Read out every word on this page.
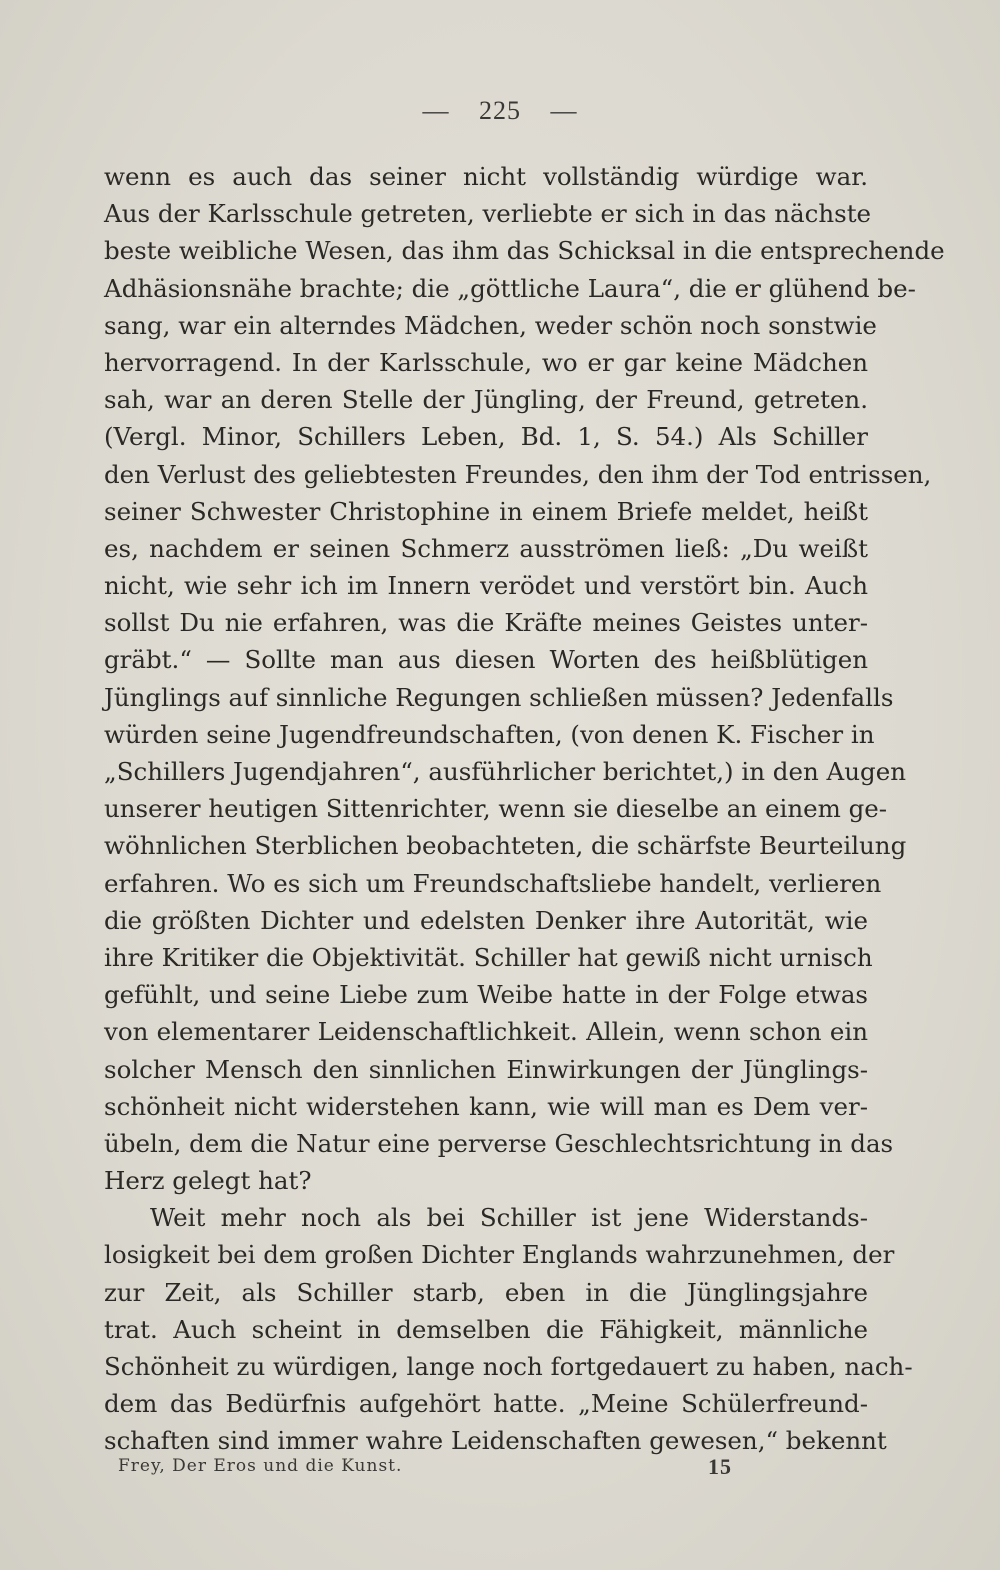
— 225 —
wenn es auch das seiner nicht vollständig würdige war.
Aus der Karlsschule getreten, verliebte er sich in das nächste
beste weibliche Wesen, das ihm das Schicksal in die entsprechende
Adhäsionsnähe brachte; die „göttliche Laura“, die er glühend be-
sang, war ein alterndes Mädchen, weder schön noch sonstwie
hervorragend. In der Karlsschule, wo er gar keine Mädchen
sah, war an deren Stelle der Jüngling, der Freund, getreten.
(Vergl. Minor, Schillers Leben, Bd. 1, S. 54.) Als Schiller
den Verlust des geliebtesten Freundes, den ihm der Tod entrissen,
seiner Schwester Christophine in einem Briefe meldet, heißt
es, nachdem er seinen Schmerz ausströmen ließ: „Du weißt
nicht, wie sehr ich im Innern verödet und verstört bin. Auch
sollst Du nie erfahren, was die Kräfte meines Geistes unter-
gräbt.“ — Sollte man aus diesen Worten des heißblütigen
Jünglings auf sinnliche Regungen schließen müssen? Jedenfalls
würden seine Jugendfreundschaften, (von denen K. Fischer in
„Schillers Jugendjahren“, ausführlicher berichtet,) in den Augen
unserer heutigen Sittenrichter, wenn sie dieselbe an einem ge-
wöhnlichen Sterblichen beobachteten, die schärfste Beurteilung
erfahren. Wo es sich um Freundschaftsliebe handelt, verlieren
die größten Dichter und edelsten Denker ihre Autorität, wie
ihre Kritiker die Objektivität. Schiller hat gewiß nicht urnisch
gefühlt, und seine Liebe zum Weibe hatte in der Folge etwas
von elementarer Leidenschaftlichkeit. Allein, wenn schon ein
solcher Mensch den sinnlichen Einwirkungen der Jünglings-
schönheit nicht widerstehen kann, wie will man es Dem ver-
übeln, dem die Natur eine perverse Geschlechtsrichtung in das
Herz gelegt hat?
Weit mehr noch als bei Schiller ist jene Widerstands-
losigkeit bei dem großen Dichter Englands wahrzunehmen, der
zur Zeit, als Schiller starb, eben in die Jünglingsjahre
trat. Auch scheint in demselben die Fähigkeit, männliche
Schönheit zu würdigen, lange noch fortgedauert zu haben, nach-
dem das Bedürfnis aufgehört hatte. „Meine Schülerfreund-
schaften sind immer wahre Leidenschaften gewesen,“ bekennt
Frey, Der Eros und die Kunst.	15
